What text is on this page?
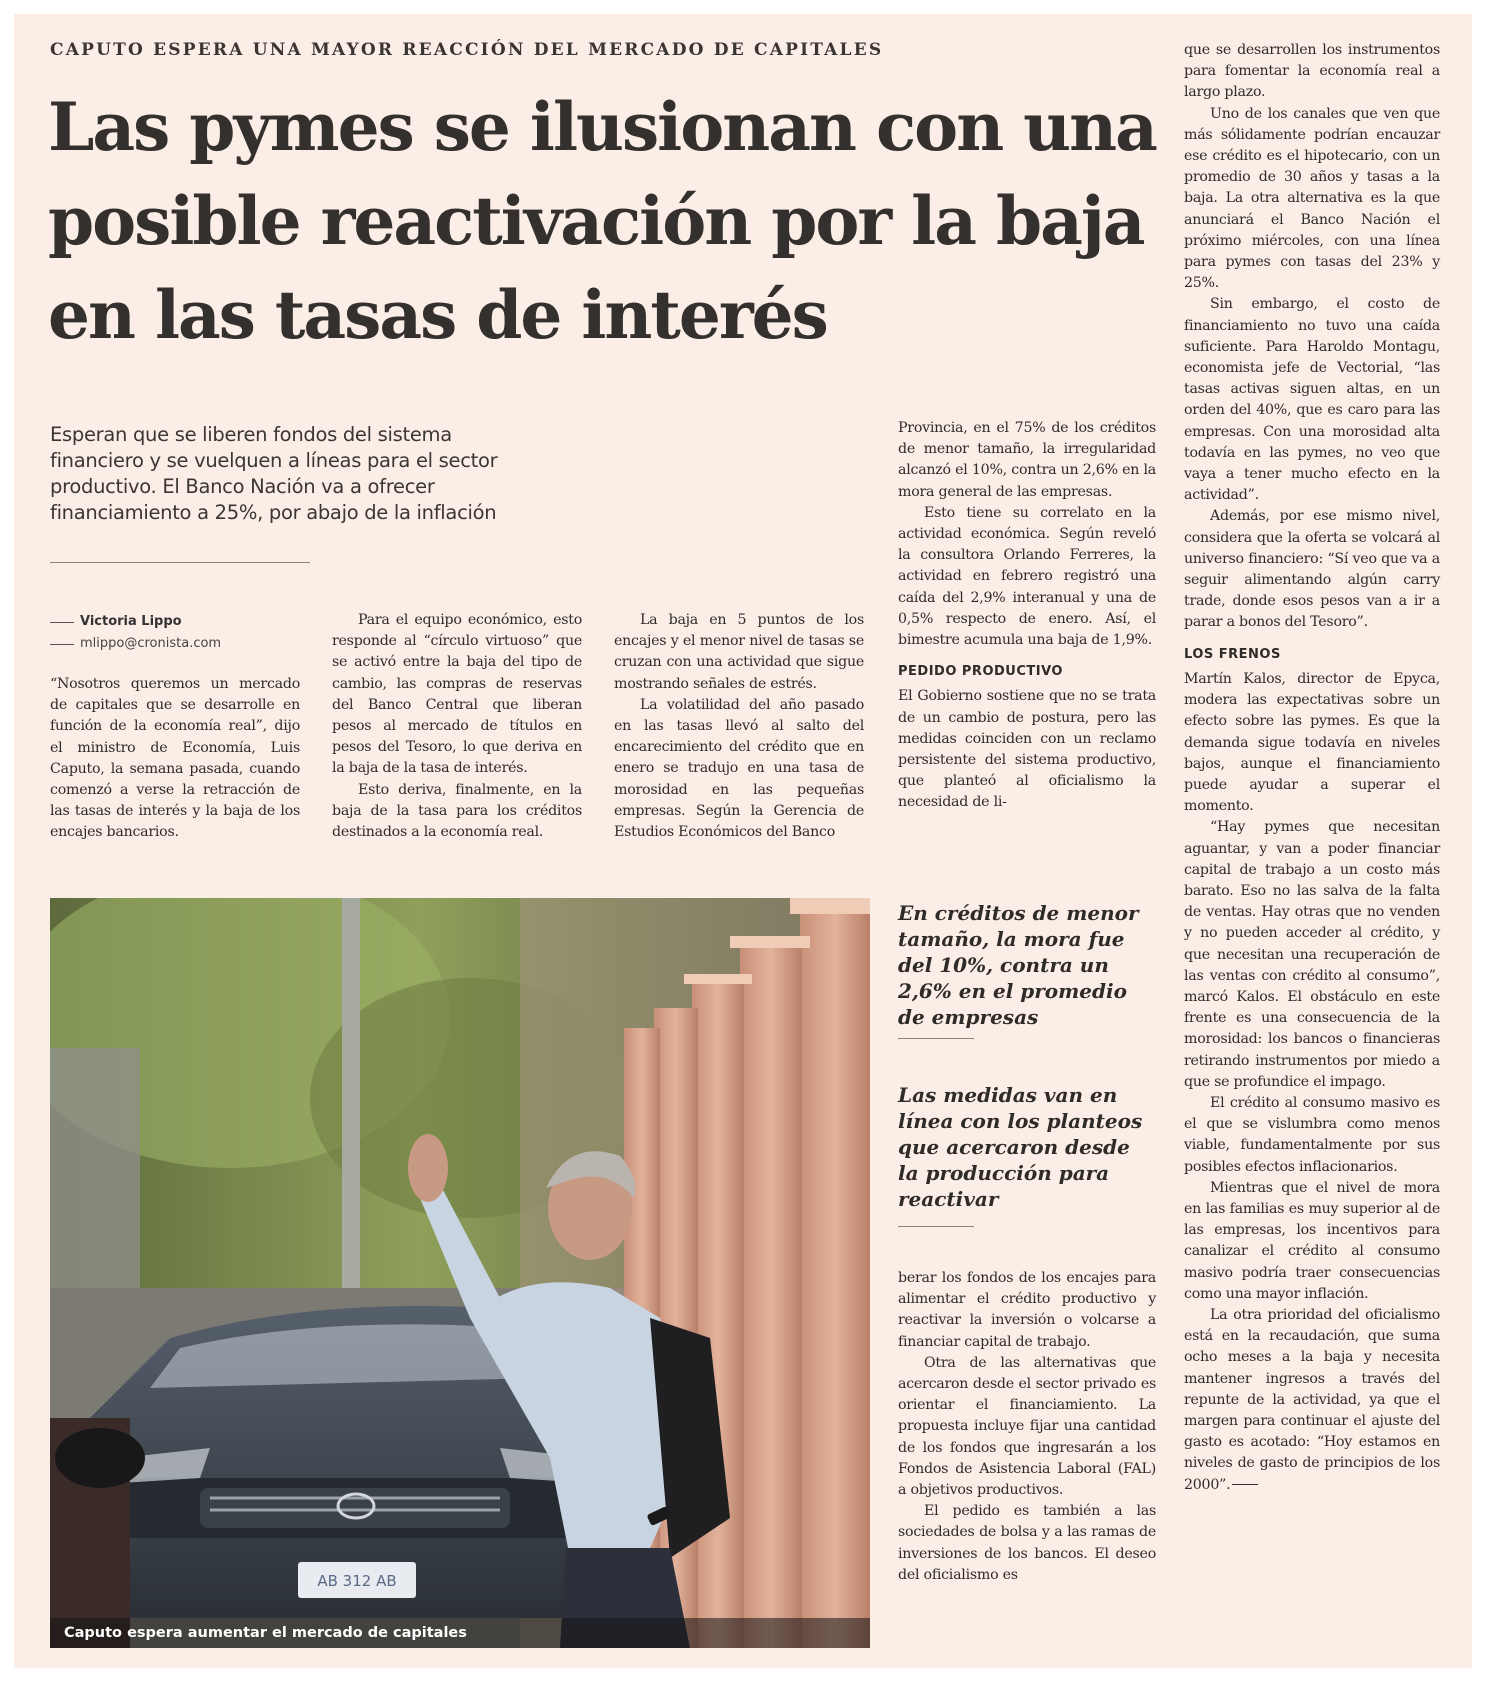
CAPUTO ESPERA UNA MAYOR REACCIÓN DEL MERCADO DE CAPITALES
Las pymes se ilusionan con una posible reactivación por la baja en las tasas de interés
Esperan que se liberen fondos del sistema financiero y se vuelquen a líneas para el sector productivo. El Banco Nación va a ofrecer financiamiento a 25%, por abajo de la inflación
Victoria Lippo
mlippo@cronista.com

“Nosotros queremos un mercado de capitales que se desarrolle en función de la economía real”, dijo el ministro de Economía, Luis Caputo, la semana pasada, cuando comenzó a verse la retracción de las tasas de interés y la baja de los encajes bancarios.

Para el equipo económico, esto responde al “círculo virtuoso” que se activó entre la baja del tipo de cambio, las compras de reservas del Banco Central que liberan pesos al mercado de títulos en pesos del Tesoro, lo que deriva en la baja de la tasa de interés.

Esto deriva, finalmente, en la baja de la tasa para los créditos destinados a la economía real.

La baja en 5 puntos de los encajes y el menor nivel de tasas se cruzan con una actividad que sigue mostrando señales de estrés.

La volatilidad del año pasado en las tasas llevó al salto del encarecimiento del crédito que en enero se tradujo en una tasa de morosidad en las pequeñas empresas. Según la Gerencia de Estudios Económicos del Banco

Provincia, en el 75% de los créditos de menor tamaño, la irregularidad alcanzó el 10%, contra un 2,6% en la mora general de las empresas.

Esto tiene su correlato en la actividad económica. Según reveló la consultora Orlando Ferreres, la actividad en febrero registró una caída del 2,9% interanual y una de 0,5% respecto de enero. Así, el bimestre acumula una baja de 1,9%.

PEDIDO PRODUCTIVO

El Gobierno sostiene que no se trata de un cambio de postura, pero las medidas coinciden con un reclamo persistente del sistema productivo, que planteó al oficialismo la necesidad de li-

En créditos de menor tamaño, la mora fue del 10%, contra un 2,6% en el promedio de empresas
Las medidas van en línea con los planteos que acercaron desde la producción para reactivar

berar los fondos de los encajes para alimentar el crédito productivo y reactivar la inversión o volcarse a financiar capital de trabajo.

Otra de las alternativas que acercaron desde el sector privado es orientar el financiamiento. La propuesta incluye fijar una cantidad de los fondos que ingresarán a los Fondos de Asistencia Laboral (FAL) a objetivos productivos.

El pedido es también a las sociedades de bolsa y a las ramas de inversiones de los bancos. El deseo del oficialismo es

que se desarrollen los instrumentos para fomentar la economía real a largo plazo.

Uno de los canales que ven que más sólidamente podrían encauzar ese crédito es el hipotecario, con un promedio de 30 años y tasas a la baja. La otra alternativa es la que anunciará el Banco Nación el próximo miércoles, con una línea para pymes con tasas del 23% y 25%.

Sin embargo, el costo de financiamiento no tuvo una caída suficiente. Para Haroldo Montagu, economista jefe de Vectorial, “las tasas activas siguen altas, en un orden del 40%, que es caro para las empresas. Con una morosidad alta todavía en las pymes, no veo que vaya a tener mucho efecto en la actividad”.

Además, por ese mismo nivel, considera que la oferta se volcará al universo financiero: “Sí veo que va a seguir alimentando algún carry trade, donde esos pesos van a ir a parar a bonos del Tesoro”.

LOS FRENOS

Martín Kalos, director de Epyca, modera las expectativas sobre un efecto sobre las pymes. Es que la demanda sigue todavía en niveles bajos, aunque el financiamiento puede ayudar a superar el momento.

“Hay pymes que necesitan aguantar, y van a poder financiar capital de trabajo a un costo más barato. Eso no las salva de la falta de ventas. Hay otras que no venden y no pueden acceder al crédito, y que necesitan una recuperación de las ventas con crédito al consumo”, marcó Kalos. El obstáculo en este frente es una consecuencia de la morosidad: los bancos o financieras retirando instrumentos por miedo a que se profundice el impago.

El crédito al consumo masivo es el que se vislumbra como menos viable, fundamentalmente por sus posibles efectos inflacionarios.

Mientras que el nivel de mora en las familias es muy superior al de las empresas, los incentivos para canalizar el crédito al consumo masivo podría traer consecuencias como una mayor inflación.

La otra prioridad del oficialismo está en la recaudación, que suma ocho meses a la baja y necesita mantener ingresos a través del repunte de la actividad, ya que el margen para continuar el ajuste del gasto es acotado: “Hoy estamos en niveles de gasto de principios de los 2000”.

AB 312 AB
Caputo espera aumentar el mercado de capitales
